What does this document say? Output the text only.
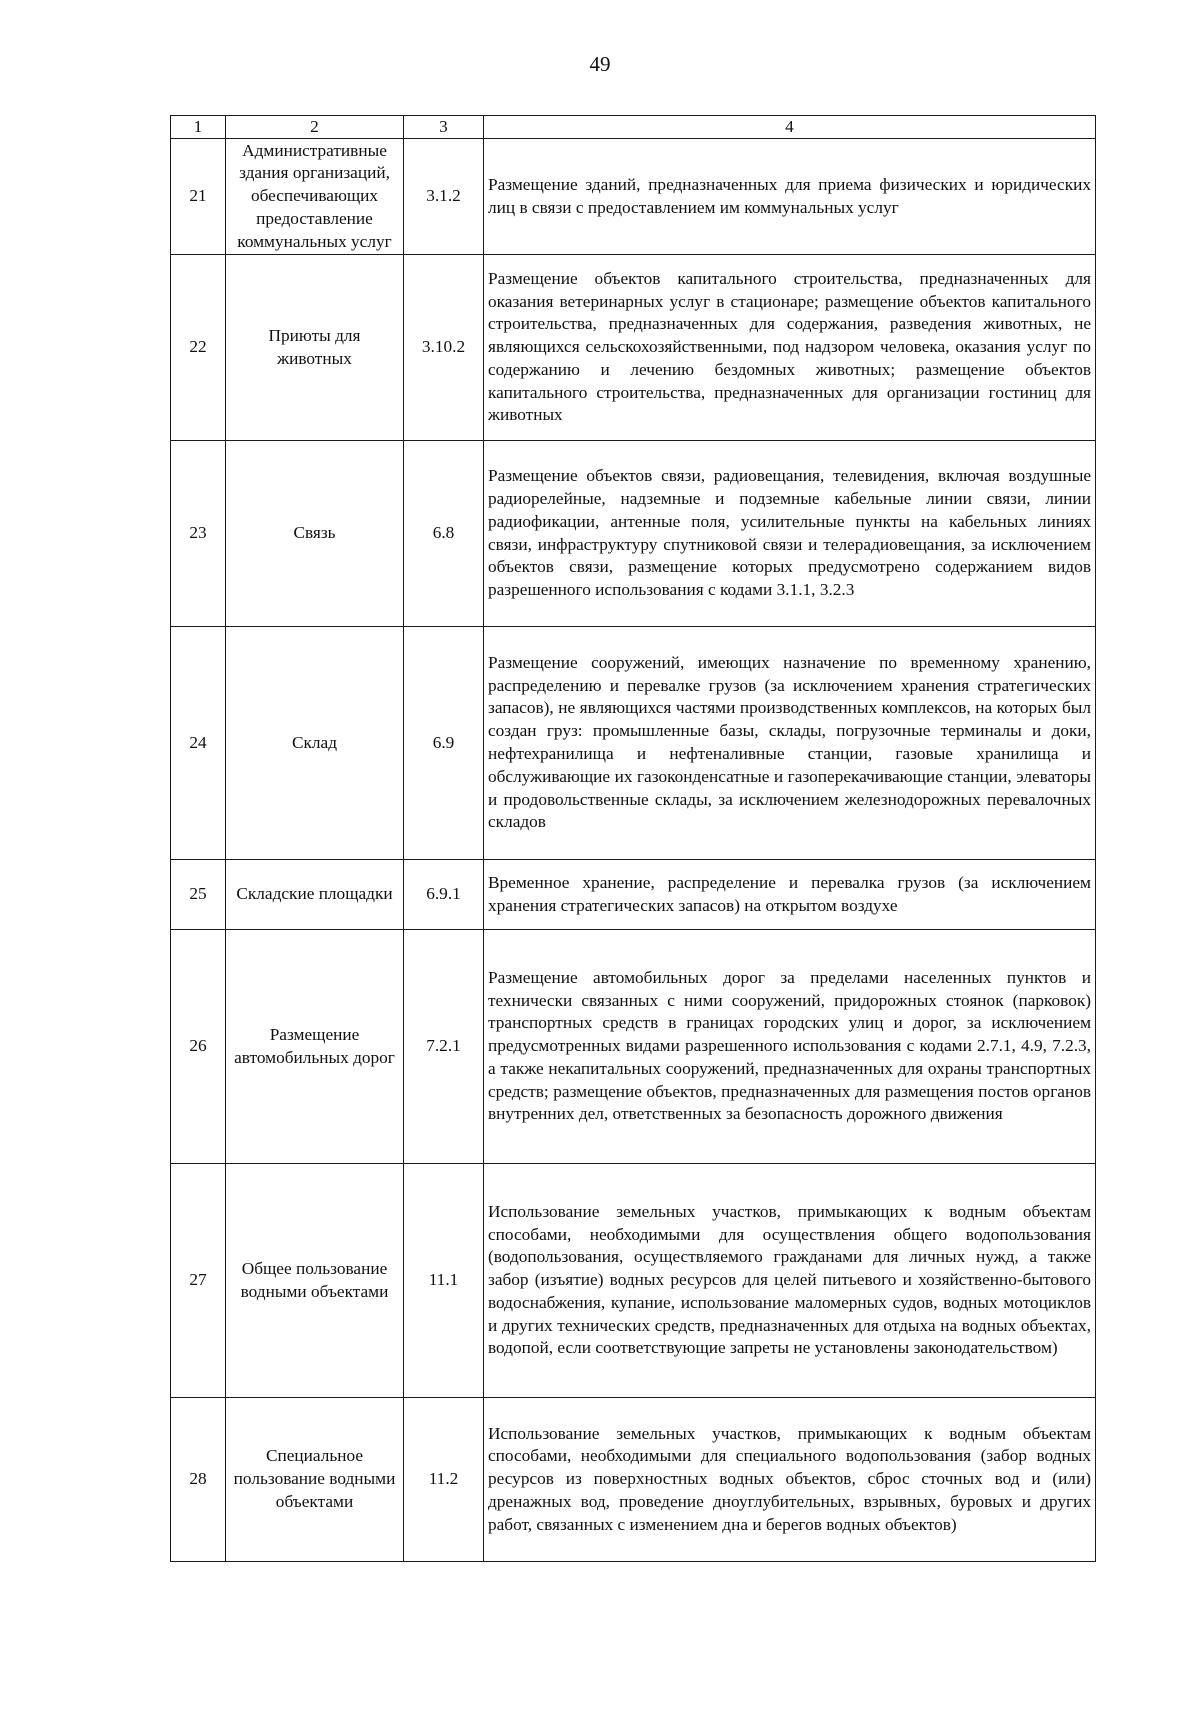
49
1	2	3	4
21	Административные здания организаций, обеспечивающих предоставление коммунальных услуг	3.1.2	Размещение зданий, предназначенных для приема физических и юридических лиц в связи с предоставлением им коммунальных услуг
22	Приюты для животных	3.10.2	Размещение объектов капитального строительства, предназначенных для оказания ветеринарных услуг в стационаре; размещение объектов капитального строительства, предназначенных для содержания, разведения животных, не являющихся сельскохозяйственными, под надзором человека, оказания услуг по содержанию и лечению бездомных животных; размещение объектов капитального строительства, предназначенных для организации гостиниц для животных
23	Связь	6.8	Размещение объектов связи, радиовещания, телевидения, включая воздушные радиорелейные, надземные и подземные кабельные линии связи, линии радиофикации, антенные поля, усилительные пункты на кабельных линиях связи, инфраструктуру спутниковой связи и телерадиовещания, за исключением объектов связи, размещение которых предусмотрено содержанием видов разрешенного использования с кодами 3.1.1, 3.2.3
24	Склад	6.9	Размещение сооружений, имеющих назначение по временному хранению, распределению и перевалке грузов (за исключением хранения стратегических запасов), не являющихся частями производственных комплексов, на которых был создан груз: промышленные базы, склады, погрузочные терминалы и доки, нефтехранилища и нефтеналивные станции, газовые хранилища и обслуживающие их газоконденсатные и газоперекачивающие станции, элеваторы и продовольственные склады, за исключением железнодорожных перевалочных складов
25	Складские площадки	6.9.1	Временное хранение, распределение и перевалка грузов (за исключением хранения стратегических запасов) на открытом воздухе
26	Размещение автомобильных дорог	7.2.1	Размещение автомобильных дорог за пределами населенных пунктов и технически связанных с ними сооружений, придорожных стоянок (парковок) транспортных средств в границах городских улиц и дорог, за исключением предусмотренных видами разрешенного использования с кодами 2.7.1, 4.9, 7.2.3, а также некапитальных сооружений, предназначенных для охраны транспортных средств; размещение объектов, предназначенных для размещения постов органов внутренних дел, ответственных за безопасность дорожного движения
27	Общее пользование водными объектами	11.1	Использование земельных участков, примыкающих к водным объектам способами, необходимыми для осуществления общего водопользования (водопользования, осуществляемого гражданами для личных нужд, а также забор (изъятие) водных ресурсов для целей питьевого и хозяйственно-бытового водоснабжения, купание, использование маломерных судов, водных мотоциклов и других технических средств, предназначенных для отдыха на водных объектах, водопой, если соответствующие запреты не установлены законодательством)
28	Специальное пользование водными объектами	11.2	Использование земельных участков, примыкающих к водным объектам способами, необходимыми для специального водопользования (забор водных ресурсов из поверхностных водных объектов, сброс сточных вод и (или) дренажных вод, проведение дноуглубительных, взрывных, буровых и других работ, связанных с изменением дна и берегов водных объектов)
